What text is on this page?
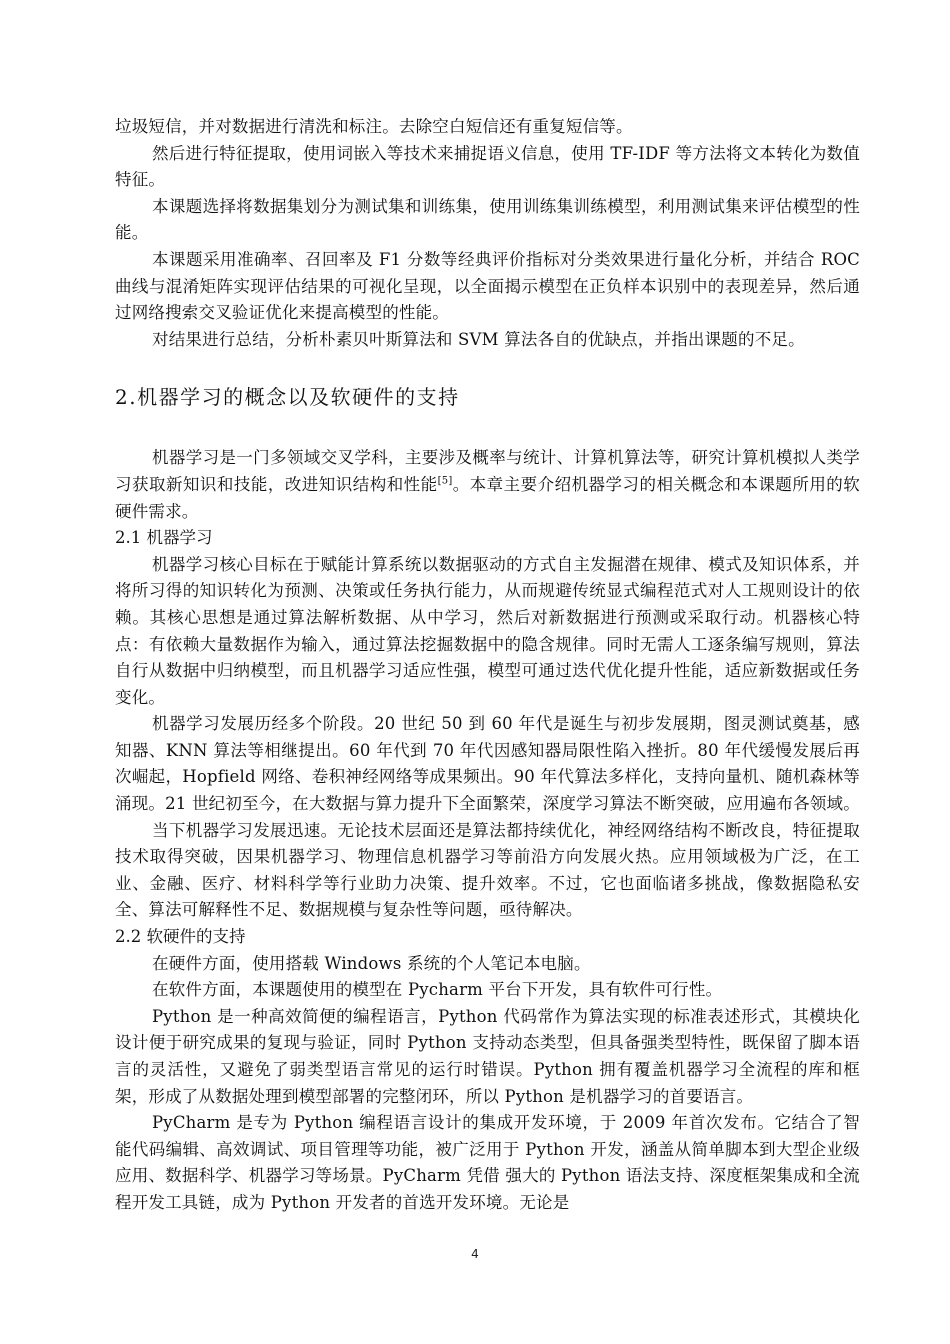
垃圾短信，并对数据进行清洗和标注。去除空白短信还有重复短信等。

然后进行特征提取，使用词嵌入等技术来捕捉语义信息，使用 TF-IDF 等方法将文本转化为数值特征。

本课题选择将数据集划分为测试集和训练集，使用训练集训练模型，利用测试集来评估模型的性能。

本课题采用准确率、召回率及 F1 分数等经典评价指标对分类效果进行量化分析，并结合 ROC 曲线与混淆矩阵实现评估结果的可视化呈现，以全面揭示模型在正负样本识别中的表现差异，然后通过网络搜索交叉验证优化来提高模型的性能。

对结果进行总结，分析朴素贝叶斯算法和 SVM 算法各自的优缺点，并指出课题的不足。

2.机器学习的概念以及软硬件的支持

机器学习是一门多领域交叉学科，主要涉及概率与统计、计算机算法等，研究计算机模拟人类学习获取新知识和技能，改进知识结构和性能[5]。本章主要介绍机器学习的相关概念和本课题所用的软硬件需求。

2.1 机器学习

机器学习核心目标在于赋能计算系统以数据驱动的方式自主发掘潜在规律、模式及知识体系，并将所习得的知识转化为预测、决策或任务执行能力，从而规避传统显式编程范式对人工规则设计的依赖。其核心思想是通过算法解析数据、从中学习，然后对新数据进行预测或采取行动。机器核心特点：有依赖大量数据作为输入，通过算法挖掘数据中的隐含规律。同时无需人工逐条编写规则，算法自行从数据中归纳模型，而且机器学习适应性强，模型可通过迭代优化提升性能，适应新数据或任务变化。

机器学习发展历经多个阶段。20 世纪 50 到 60 年代是诞生与初步发展期，图灵测试奠基，感知器、KNN 算法等相继提出。60 年代到 70 年代因感知器局限性陷入挫折。80 年代缓慢发展后再次崛起，Hopfield 网络、卷积神经网络等成果频出。90 年代算法多样化，支持向量机、随机森林等涌现。21 世纪初至今，在大数据与算力提升下全面繁荣，深度学习算法不断突破，应用遍布各领域。

当下机器学习发展迅速。无论技术层面还是算法都持续优化，神经网络结构不断改良，特征提取技术取得突破，因果机器学习、物理信息机器学习等前沿方向发展火热。应用领域极为广泛，在工业、金融、医疗、材料科学等行业助力决策、提升效率。不过，它也面临诸多挑战，像数据隐私安全、算法可解释性不足、数据规模与复杂性等问题，亟待解决。

2.2 软硬件的支持

在硬件方面，使用搭载 Windows 系统的个人笔记本电脑。

在软件方面，本课题使用的模型在 Pycharm 平台下开发，具有软件可行性。

Python 是一种高效简便的编程语言，Python 代码常作为算法实现的标准表述形式，其模块化设计便于研究成果的复现与验证，同时 Python 支持动态类型，但具备强类型特性，既保留了脚本语言的灵活性，又避免了弱类型语言常见的运行时错误。Python 拥有覆盖机器学习全流程的库和框架，形成了从数据处理到模型部署的完整闭环，所以 Python 是机器学习的首要语言。

PyCharm 是专为 Python 编程语言设计的集成开发环境，于 2009 年首次发布。它结合了智能代码编辑、高效调试、项目管理等功能，被广泛用于 Python 开发，涵盖从简单脚本到大型企业级应用、数据科学、机器学习等场景。PyCharm 凭借 强大的 Python 语法支持、深度框架集成和全流程开发工具链，成为 Python 开发者的首选开发环境。无论是

4
